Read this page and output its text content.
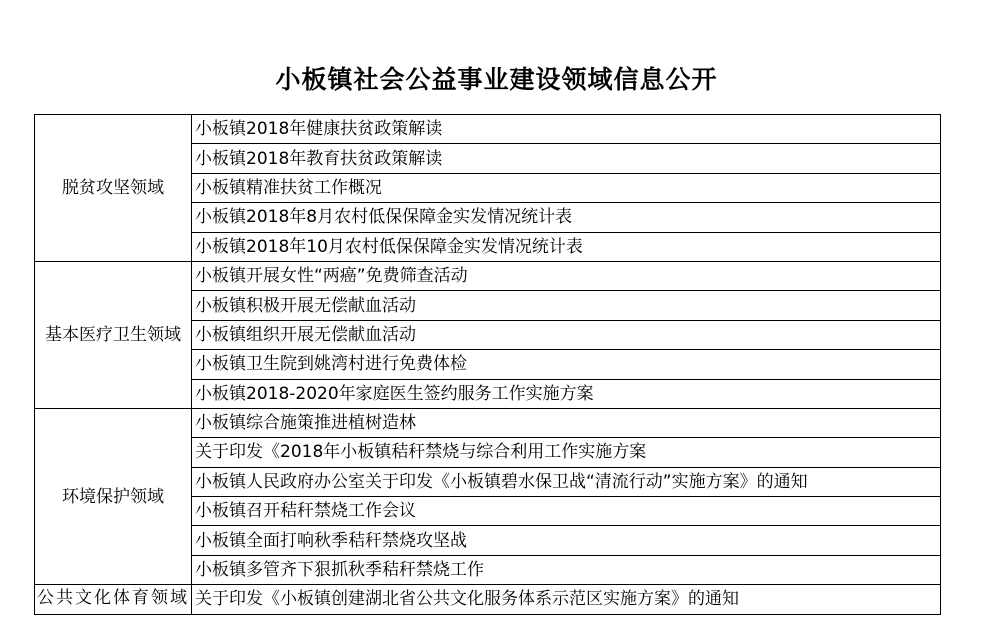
小板镇社会公益事业建设领域信息公开
脱贫攻坚领域	小板镇2018年健康扶贫政策解读
	小板镇2018年教育扶贫政策解读
	小板镇精准扶贫工作概况
	小板镇2018年8月农村低保保障金实发情况统计表
	小板镇2018年10月农村低保保障金实发情况统计表
基本医疗卫生领域	小板镇开展女性“两癌”免费筛查活动
	小板镇积极开展无偿献血活动
	小板镇组织开展无偿献血活动
	小板镇卫生院到姚湾村进行免费体检
	小板镇2018-2020年家庭医生签约服务工作实施方案
环境保护领域	小板镇综合施策推进植树造林
	关于印发《2018年小板镇秸秆禁烧与综合利用工作实施方案
	小板镇人民政府办公室关于印发《小板镇碧水保卫战“清流行动”实施方案》的通知
	小板镇召开秸秆禁烧工作会议
	小板镇全面打响秋季秸秆禁烧攻坚战
	小板镇多管齐下狠抓秋季秸秆禁烧工作
公共文化体育领域	关于印发《小板镇创建湖北省公共文化服务体系示范区实施方案》的通知
